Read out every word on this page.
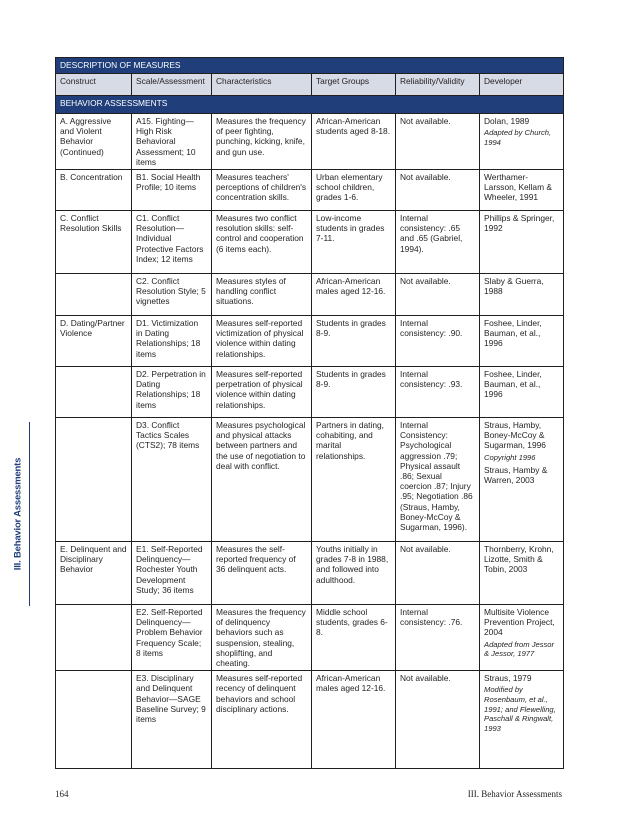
III. Behavior Assessments
DESCRIPTION OF MEASURES					
Construct	Scale/Assessment	Characteristics	Target Groups	Reliability/Validity	Developer
BEHAVIOR ASSESSMENTS					
A. Aggressive and Violent Behavior (Continued)	A15. Fighting—High Risk Behavioral Assessment; 10 items	Measures the frequency of peer fighting, punching, kicking, knife, and gun use.	African-American students aged 8-18.	Not available.	Dolan, 1989
Adapted by Church, 1994

B. Concentration	B1. Social Health Profile; 10 items	Measures teachers' perceptions of children's concentration skills.	Urban elementary school children, grades 1-6.	Not available.	Werthamer-Larsson, Kellam & Wheeler, 1991
C. Conflict Resolution Skills	C1. Conflict Resolution—Individual Protective Factors Index; 12 items	Measures two conflict resolution skills: self-control and cooperation (6 items each).	Low-income students in grades 7-11.	Internal consistency: .65 and .65 (Gabriel, 1994).	Phillips & Springer, 1992
	C2. Conflict Resolution Style; 5 vignettes	Measures styles of handling conflict situations.	African-American males aged 12-16.	Not available.	Slaby & Guerra, 1988
D. Dating/Partner Violence	D1. Victimization in Dating Relationships; 18 items	Measures self-reported victimization of physical violence within dating relationships.	Students in grades 8-9.	Internal consistency: .90.	Foshee, Linder, Bauman, et al., 1996
	D2. Perpetration in Dating Relationships; 18 items	Measures self-reported perpetration of physical violence within dating relationships.	Students in grades 8-9.	Internal consistency: .93.	Foshee, Linder, Bauman, et al., 1996
	D3. Conflict Tactics Scales (CTS2); 78 items	Measures psychological and physical attacks between partners and the use of negotiation to deal with conflict.	Partners in dating, cohabiting, and marital relationships.	Internal Consistency: Psychological aggression .79; Physical assault .86; Sexual coercion .87; Injury .95; Negotiation .86 (Straus, Hamby, Boney-McCoy & Sugarman, 1996).	Straus, Hamby, Boney-McCoy & Sugarman, 1996
Copyright 1996
Straus, Hamby & Warren, 2003

E. Delinquent and Disciplinary Behavior	E1. Self-Reported Delinquency—Rochester Youth Development Study; 36 items	Measures the self-reported frequency of 36 delinquent acts.	Youths initially in grades 7-8 in 1988, and followed into adulthood.	Not available.	Thornberry, Krohn, Lizotte, Smith & Tobin, 2003
	E2. Self-Reported Delinquency—Problem Behavior Frequency Scale; 8 items	Measures the frequency of delinquency behaviors such as suspension, stealing, shoplifting, and cheating.	Middle school students, grades 6-8.	Internal consistency: .76.	Multisite Violence Prevention Project, 2004
Adapted from Jessor & Jessor, 1977

	E3. Disciplinary and Delinquent Behavior—SAGE Baseline Survey; 9 items	Measures self-reported recency of delinquent behaviors and school disciplinary actions.	African-American males aged 12-16.	Not available.	Straus, 1979
Modified by Rosenbaum, et al., 1991; and Flewelling, Paschall & Ringwalt, 1993
164	III. Behavior Assessments
